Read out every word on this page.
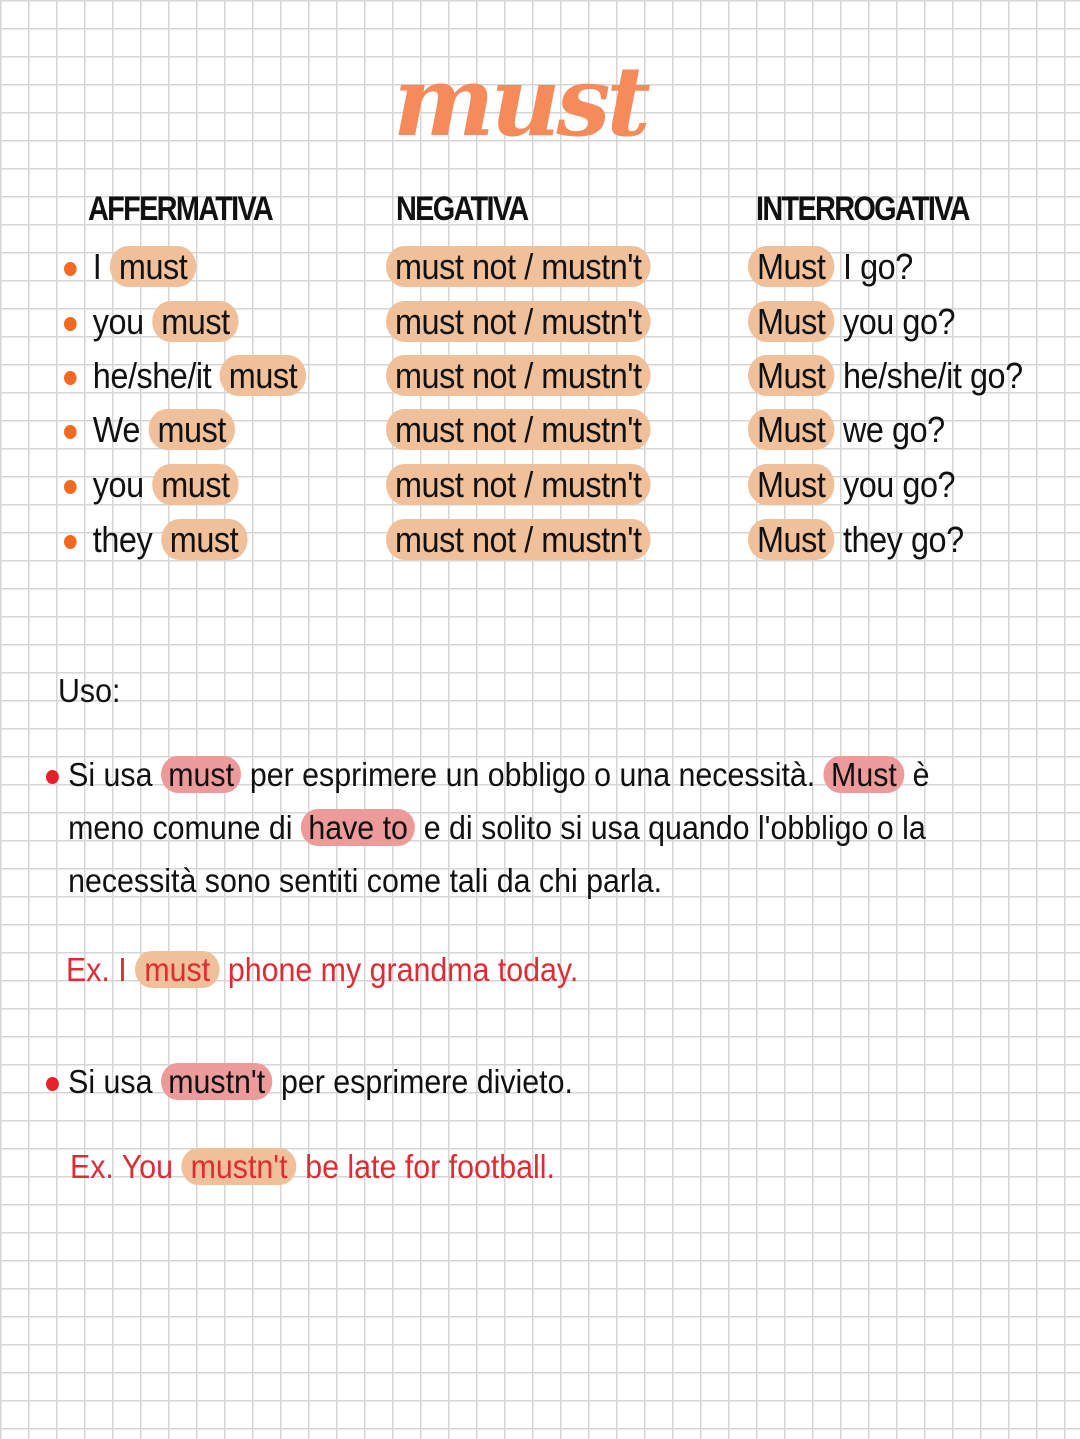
must
AFFERMATIVA	NEGATIVA	INTERROGATIVA
I must	must not / mustn't	Must I go?
you must	must not / mustn't	Must you go?
he/she/it must	must not / mustn't	Must he/she/it go?
We must	must not / mustn't	Must we go?
you must	must not / mustn't	Must you go?
they must	must not / mustn't	Must they go?
Uso:
Si usa must per esprimere un obbligo o una necessità. Must è
meno comune di have to e di solito si usa quando l'obbligo o la
necessità sono sentiti come tali da chi parla.
Ex. I must phone my grandma today.
Si usa mustn't per esprimere divieto.
Ex. You mustn't be late for football.
